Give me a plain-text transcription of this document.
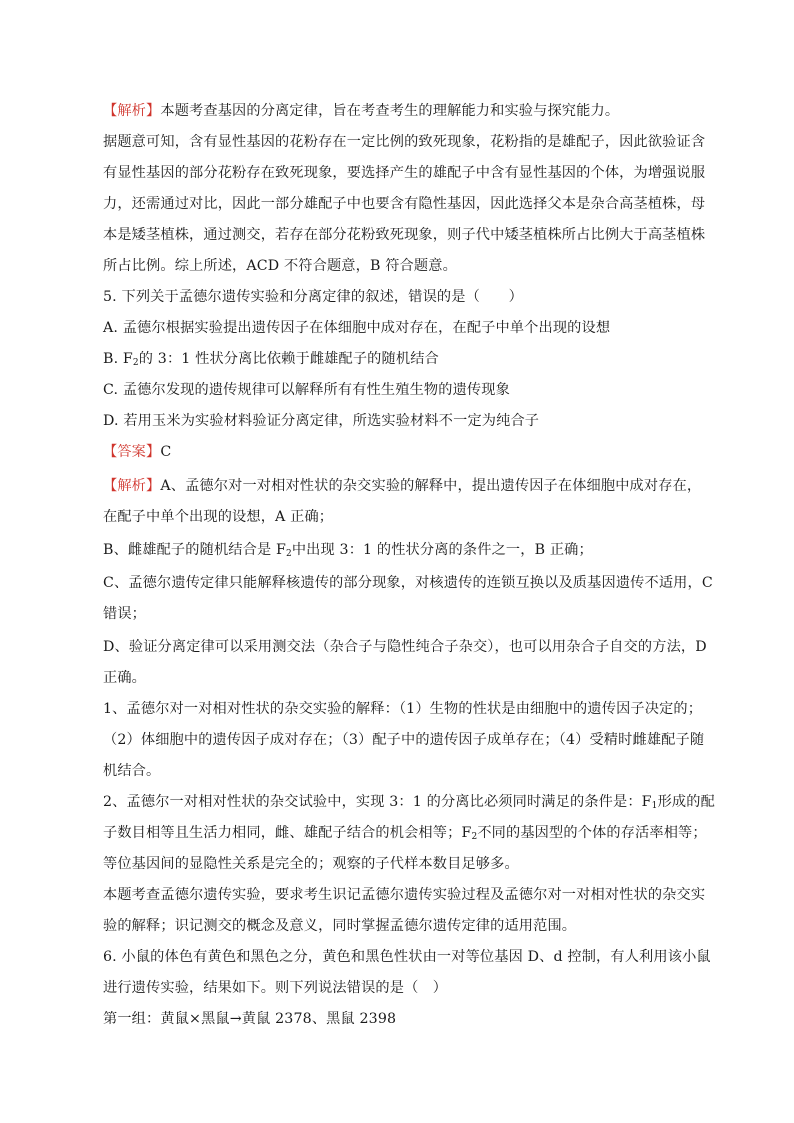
【解析】本题考查基因的分离定律，旨在考查考生的理解能力和实验与探究能力。
据题意可知，含有显性基因的花粉存在一定比例的致死现象，花粉指的是雄配子，因此欲验证含
有显性基因的部分花粉存在致死现象，要选择产生的雄配子中含有显性基因的个体，为增强说服
力，还需通过对比，因此一部分雄配子中也要含有隐性基因，因此选择父本是杂合高茎植株，母
本是矮茎植株，通过测交，若存在部分花粉致死现象，则子代中矮茎植株所占比例大于高茎植株
所占比例。综上所述，ACD 不符合题意，B 符合题意。
5. 下列关于孟德尔遗传实验和分离定律的叙述，错误的是（　　）
A. 孟德尔根据实验提出遗传因子在体细胞中成对存在，在配子中单个出现的设想
B. $F_2$的 3：1 性状分离比依赖于雌雄配子的随机结合
C. 孟德尔发现的遗传规律可以解释所有有性生殖生物的遗传现象
D. 若用玉米为实验材料验证分离定律，所选实验材料不一定为纯合子
【答案】C
【解析】A、孟德尔对一对相对性状的杂交实验的解释中，提出遗传因子在体细胞中成对存在，
在配子中单个出现的设想，A 正确；
B、雌雄配子的随机结合是 $F_2$中出现 3：1 的性状分离的条件之一，B 正确；
C、孟德尔遗传定律只能解释核遗传的部分现象，对核遗传的连锁互换以及质基因遗传不适用，C
错误；
D、验证分离定律可以采用测交法（杂合子与隐性纯合子杂交），也可以用杂合子自交的方法，D
正确。
1、孟德尔对一对相对性状的杂交实验的解释：（1）生物的性状是由细胞中的遗传因子决定的；
（2）体细胞中的遗传因子成对存在；（3）配子中的遗传因子成单存在；（4）受精时雌雄配子随
机结合。
2、孟德尔一对相对性状的杂交试验中，实现 3：1 的分离比必须同时满足的条件是：$F_1$形成的配
子数目相等且生活力相同，雌、雄配子结合的机会相等；$F_2$不同的基因型的个体的存活率相等；
等位基因间的显隐性关系是完全的；观察的子代样本数目足够多。
本题考查孟德尔遗传实验，要求考生识记孟德尔遗传实验过程及孟德尔对一对相对性状的杂交实
验的解释；识记测交的概念及意义，同时掌握孟德尔遗传定律的适用范围。
6. 小鼠的体色有黄色和黑色之分，黄色和黑色性状由一对等位基因 D、d 控制，有人利用该小鼠
进行遗传实验，结果如下。则下列说法错误的是（　）
第一组：黄鼠×黑鼠→黄鼠 2378、黑鼠 2398
